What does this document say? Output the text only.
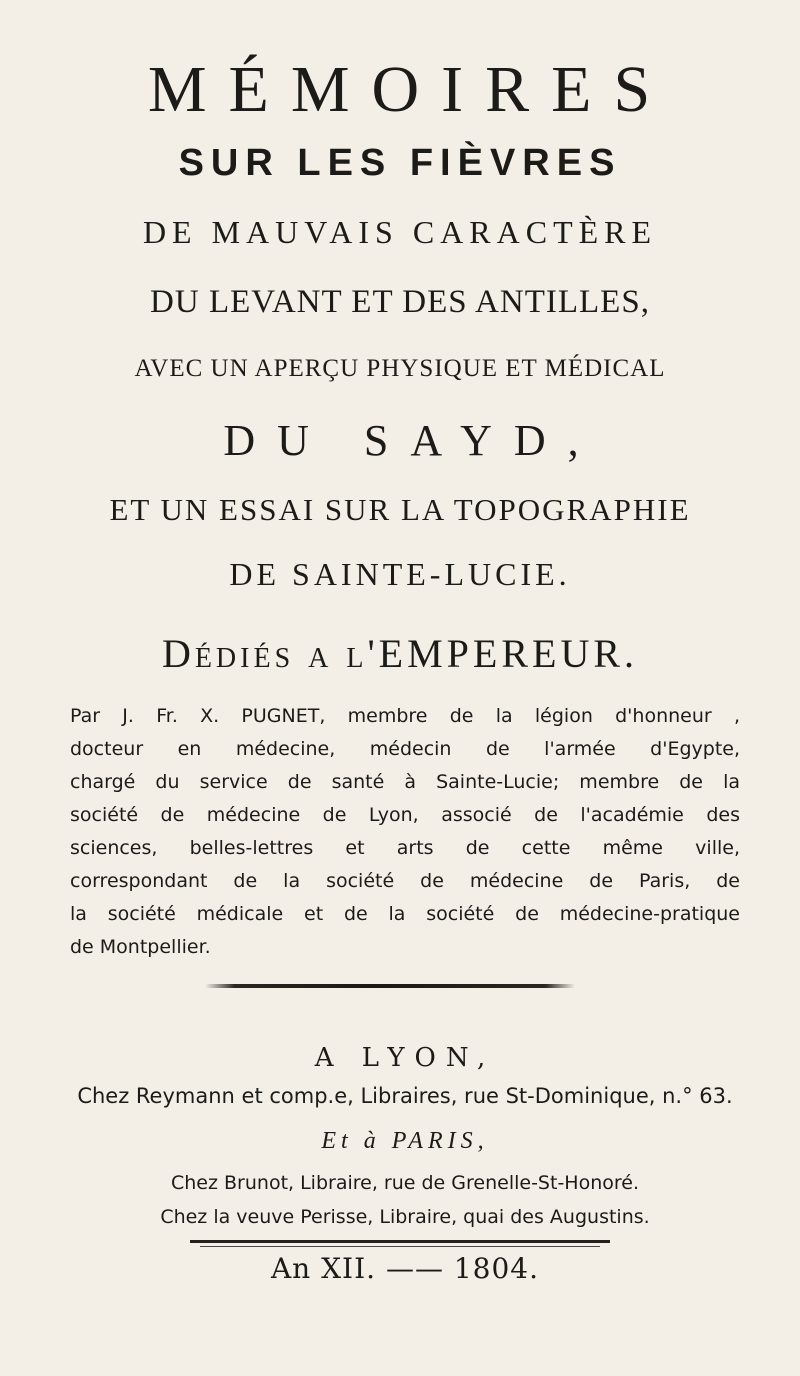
MÉMOIRES
SUR LES FIÈVRES
DE MAUVAIS CARACTÈRE
DU LEVANT ET DES ANTILLES,
AVEC UN APERÇU PHYSIQUE ET MÉDICAL
DU SAYD,
ET UN ESSAI SUR LA TOPOGRAPHIE
DE SAINTE-LUCIE.
Dédiés a l'EMPEREUR.
Par J. Fr. X. PUGNET, membre de la légion d'honneur ,
docteur en médecine, médecin de l'armée d'Egypte,
chargé du service de santé à Sainte-Lucie; membre de la
société de médecine de Lyon, associé de l'académie des
sciences, belles-lettres et arts de cette même ville,
correspondant de la société de médecine de Paris, de
la société médicale et de la société de médecine-pratique
de Montpellier.
A LYON,
Chez Reymann et comp.e, Libraires, rue St-Dominique, n.° 63.
Et à PARIS,
Chez Brunot, Libraire, rue de Grenelle-St-Honoré.
Chez la veuve Perisse, Libraire, quai des Augustins.
An XII. —— 1804.
